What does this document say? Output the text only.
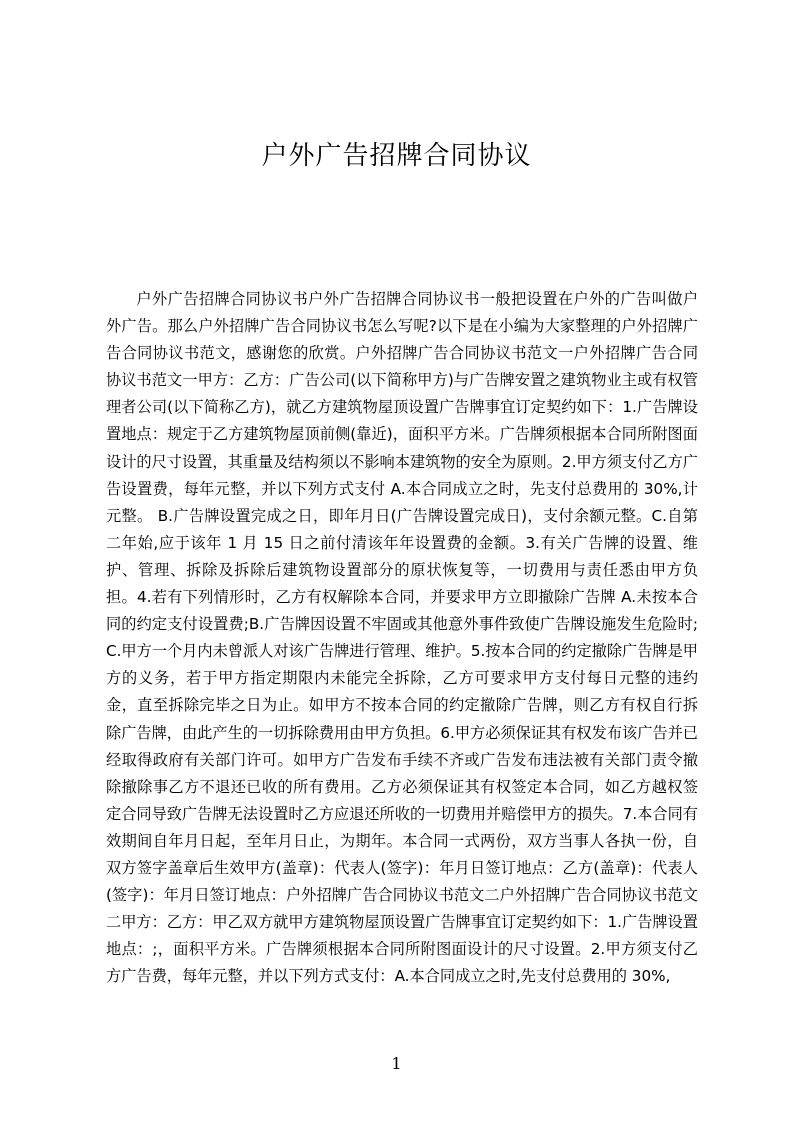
户外广告招牌合同协议

户外广告招牌合同协议书户外广告招牌合同协议书一般把设置在户外的广告叫做户外广告。那么户外招牌广告合同协议书怎么写呢?以下是在小编为大家整理的户外招牌广告合同协议书范文，感谢您的欣赏。户外招牌广告合同协议书范文一户外招牌广告合同协议书范文一甲方：乙方：广告公司(以下简称甲方)与广告牌安置之建筑物业主或有权管理者公司(以下简称乙方)，就乙方建筑物屋顶设置广告牌事宜订定契约如下：1.广告牌设置地点：规定于乙方建筑物屋顶前侧(靠近)，面积平方米。广告牌须根据本合同所附图面设计的尺寸设置，其重量及结构须以不影响本建筑物的安全为原则。2.甲方须支付乙方广告设置费，每年元整，并以下列方式支付 A.本合同成立之时，先支付总费用的 30%,计元整。 B.广告牌设置完成之日，即年月日(广告牌设置完成日)，支付余额元整。C.自第二年始,应于该年 1 月 15 日之前付清该年年设置费的金额。3.有关广告牌的设置、维护、管理、拆除及拆除后建筑物设置部分的原状恢复等，一切费用与责任悉由甲方负担。4.若有下列情形时，乙方有权解除本合同，并要求甲方立即撤除广告牌 A.未按本合同的约定支付设置费;B.广告牌因设置不牢固或其他意外事件致使广告牌设施发生危险时;C.甲方一个月内未曾派人对该广告牌进行管理、维护。5.按本合同的约定撤除广告牌是甲方的义务，若于甲方指定期限内未能完全拆除，乙方可要求甲方支付每日元整的违约金，直至拆除完毕之日为止。如甲方不按本合同的约定撤除广告牌，则乙方有权自行拆除广告牌，由此产生的一切拆除费用由甲方负担。6.甲方必须保证其有权发布该广告并已经取得政府有关部门许可。如甲方广告发布手续不齐或广告发布违法被有关部门责令撤除撤除事乙方不退还已收的所有费用。乙方必须保证其有权签定本合同，如乙方越权签定合同导致广告牌无法设置时乙方应退还所收的一切费用并赔偿甲方的损失。7.本合同有效期间自年月日起，至年月日止，为期年。本合同一式两份，双方当事人各执一份，自双方签字盖章后生效甲方(盖章)：代表人(签字)：年月日签订地点：乙方(盖章)：代表人(签字)：年月日签订地点：户外招牌广告合同协议书范文二户外招牌广告合同协议书范文二甲方：乙方：甲乙双方就甲方建筑物屋顶设置广告牌事宜订定契约如下：1.广告牌设置地点：;，面积平方米。广告牌须根据本合同所附图面设计的尺寸设置。2.甲方须支付乙方广告费，每年元整，并以下列方式支付：A.本合同成立之时,先支付总费用的 30%,

1
